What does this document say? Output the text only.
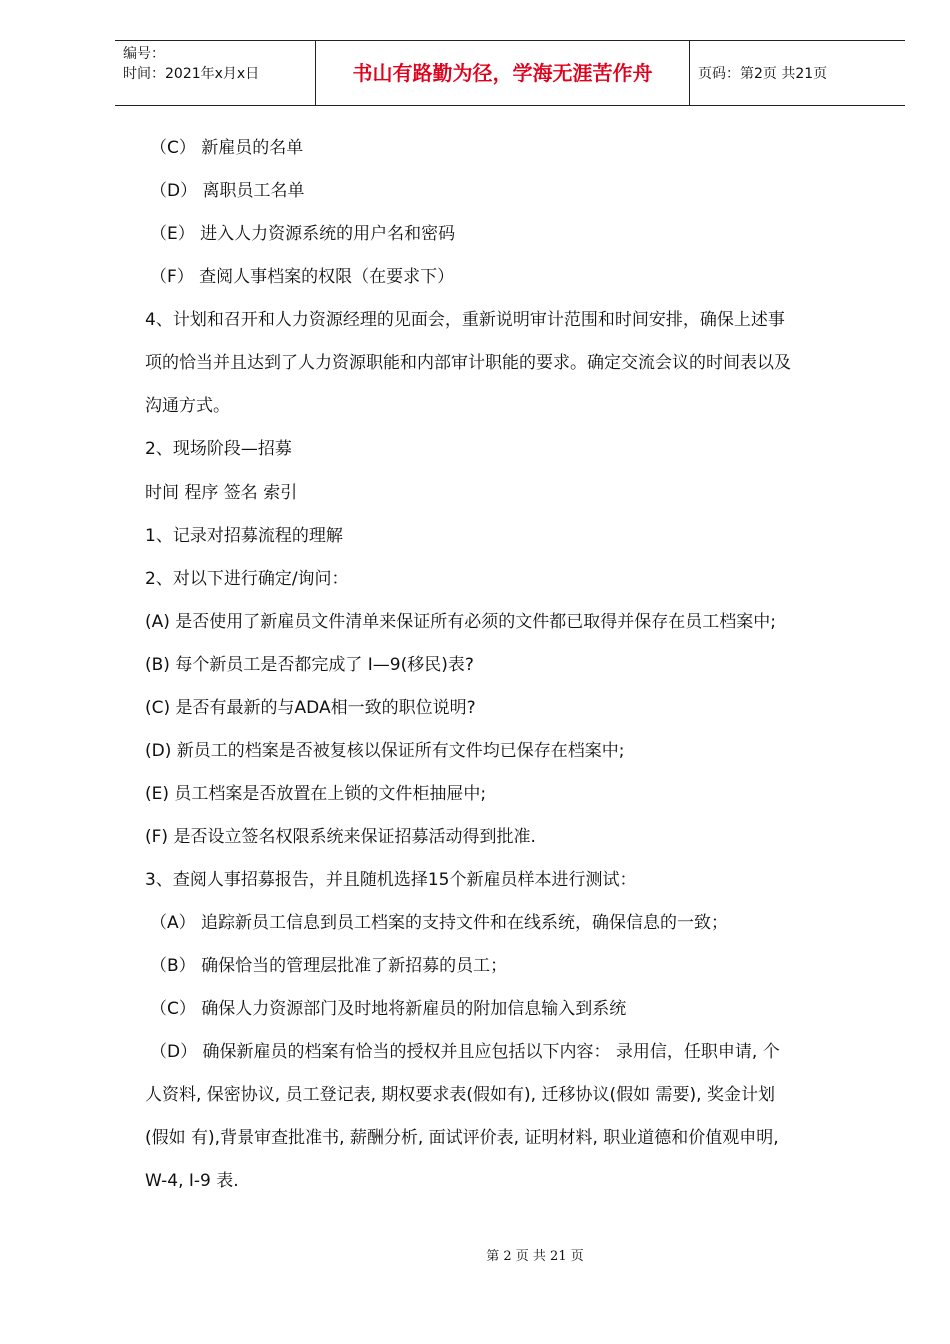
编号：
时间：2021年x月x日	书山有路勤为径，学海无涯苦作舟	页码：第2页 共21页
（C） 新雇员的名单
（D） 离职员工名单
（E） 进入人力资源系统的用户名和密码
（F） 查阅人事档案的权限（在要求下）
4、计划和召开和人力资源经理的见面会，重新说明审计范围和时间安排，确保上述事
项的恰当并且达到了人力资源职能和内部审计职能的要求。确定交流会议的时间表以及
沟通方式。
2、现场阶段—招募
时间 程序 签名 索引
1、记录对招募流程的理解
2、对以下进行确定/询问：
(A) 是否使用了新雇员文件清单来保证所有必须的文件都已取得并保存在员工档案中;
(B) 每个新员工是否都完成了 I—9(移民)表?
(C) 是否有最新的与ADA相一致的职位说明?
(D) 新员工的档案是否被复核以保证所有文件均已保存在档案中;
(E) 员工档案是否放置在上锁的文件柜抽屉中;
(F) 是否设立签名权限系统来保证招募活动得到批准.
3、查阅人事招募报告，并且随机选择15个新雇员样本进行测试：
（A） 追踪新员工信息到员工档案的支持文件和在线系统，确保信息的一致；
（B） 确保恰当的管理层批准了新招募的员工；
（C） 确保人力资源部门及时地将新雇员的附加信息输入到系统
（D） 确保新雇员的档案有恰当的授权并且应包括以下内容： 录用信，任职申请, 个
人资料, 保密协议, 员工登记表, 期权要求表(假如有), 迁移协议(假如 需要), 奖金计划
(假如 有),背景审查批准书, 薪酬分析, 面试评价表, 证明材料, 职业道德和价值观申明,
W-4, I-9 表.
第 2 页 共 21 页
